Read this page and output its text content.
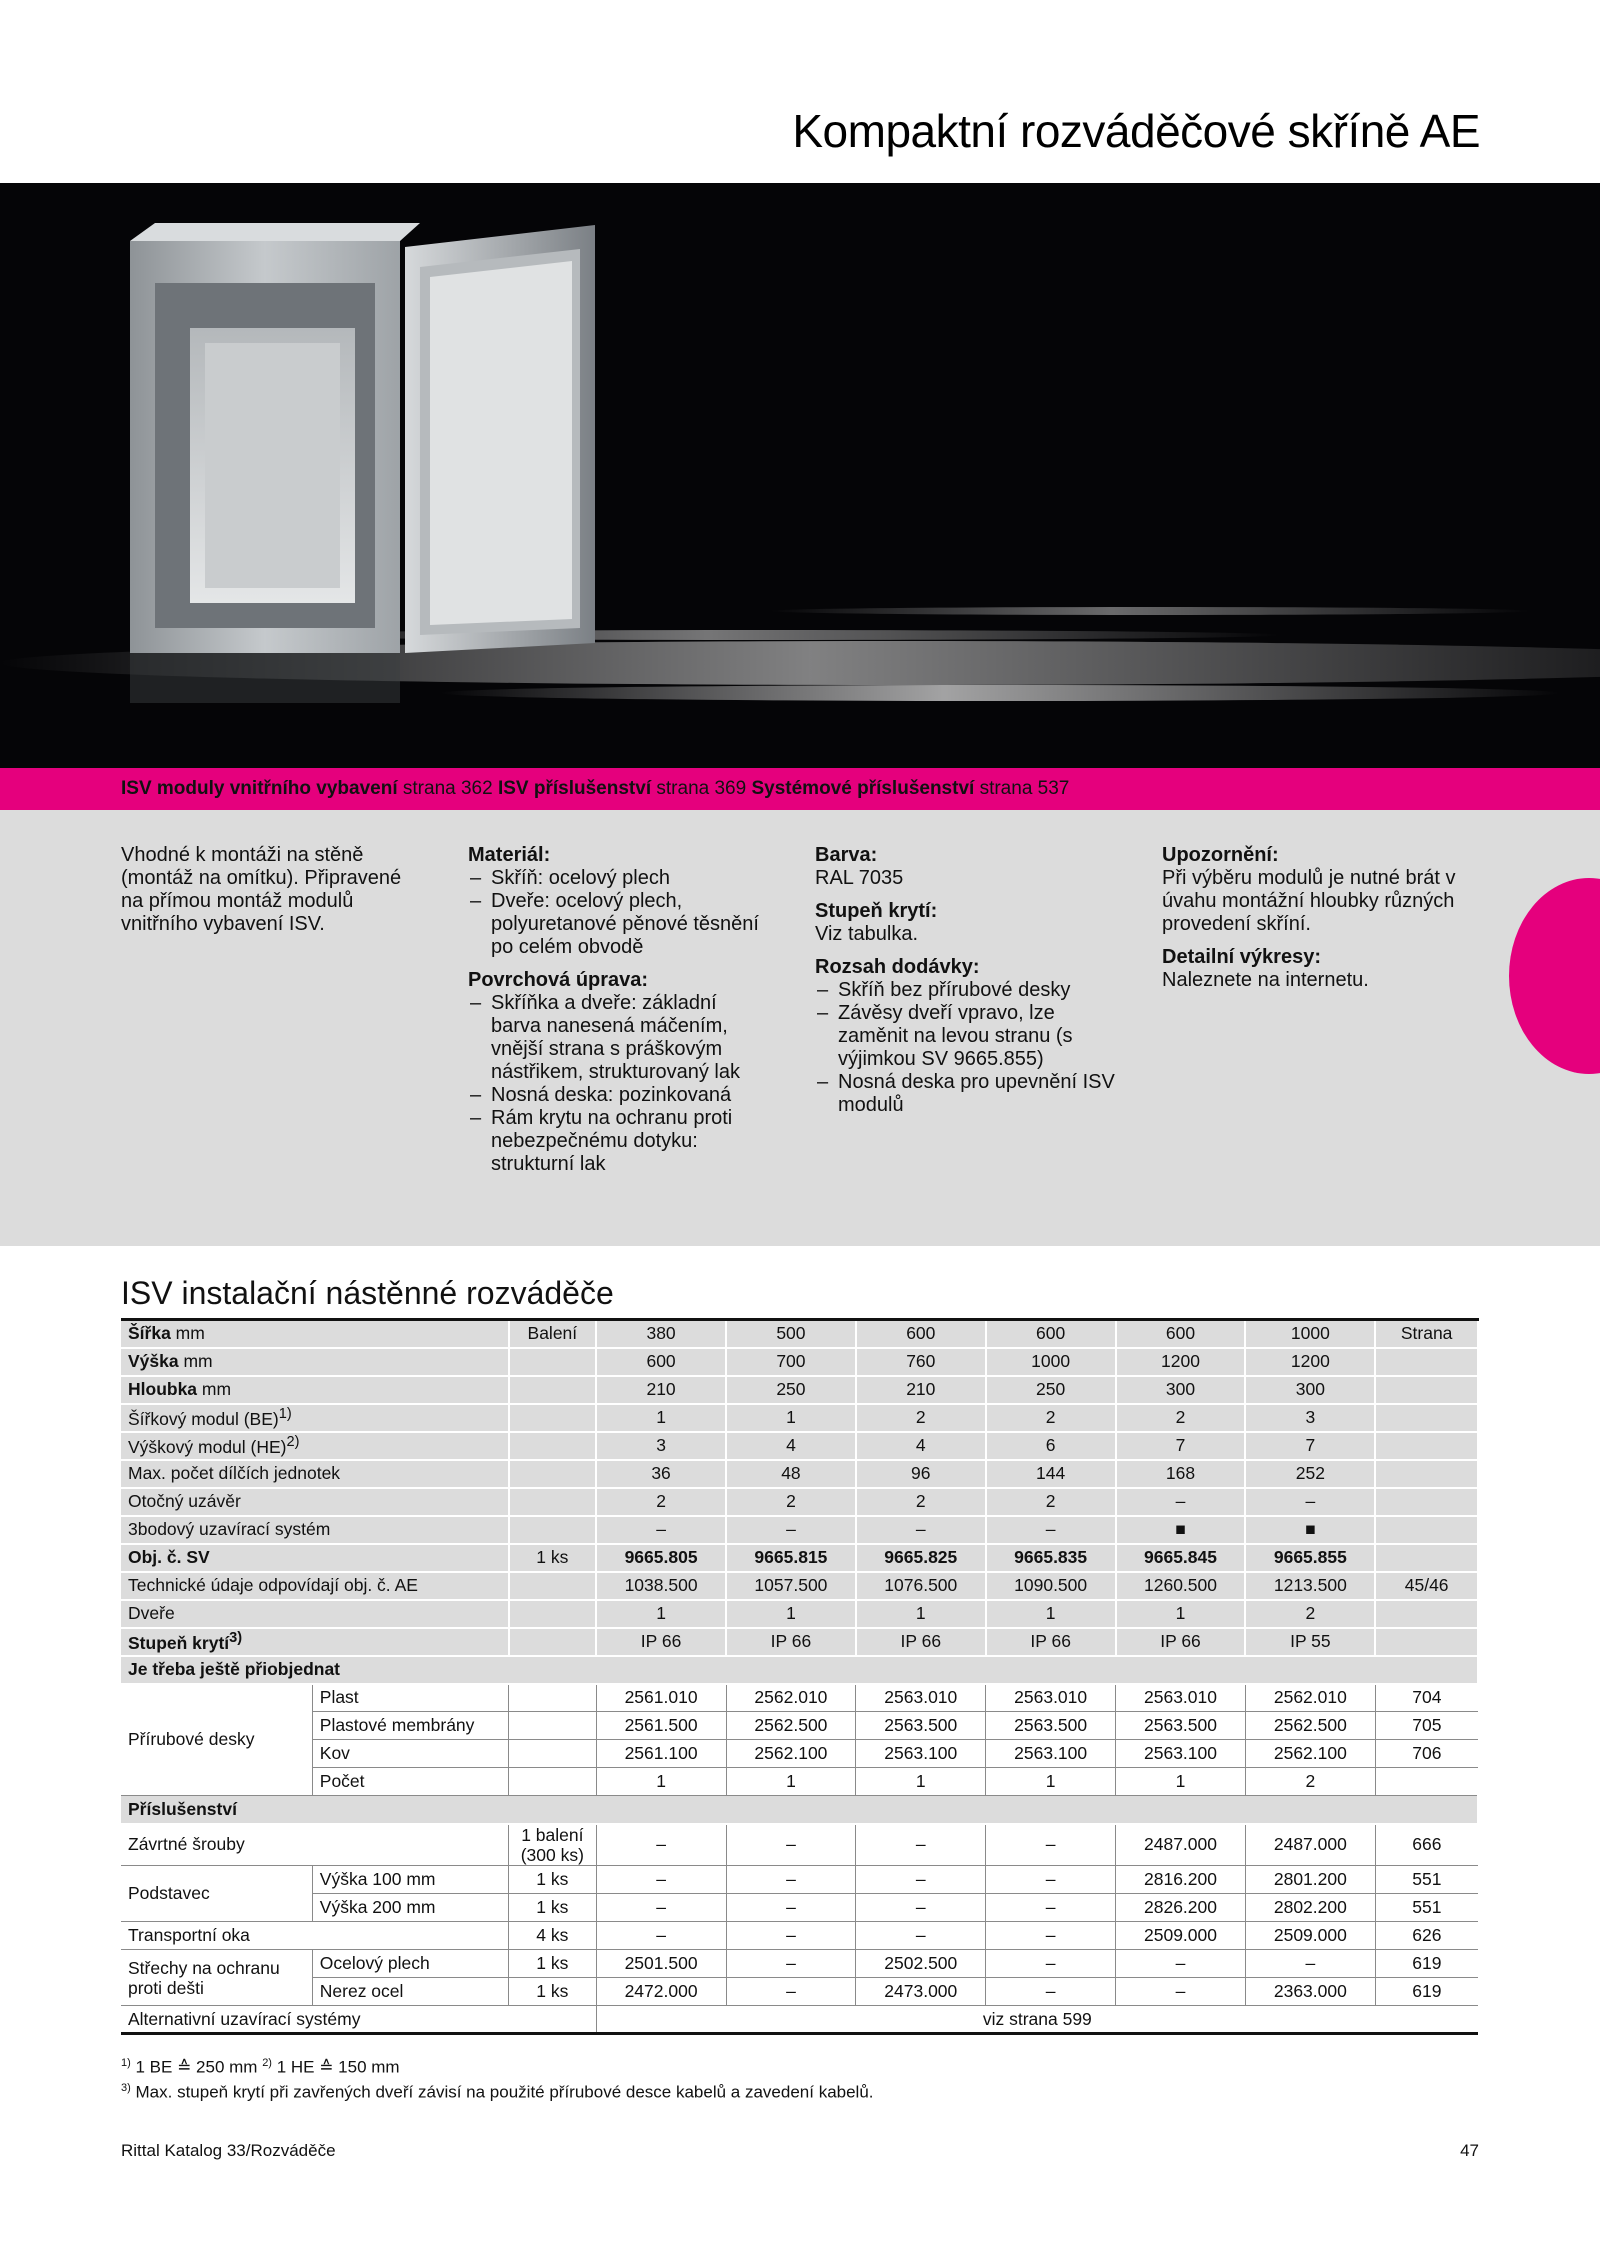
Kompaktní rozváděčové skříně AE
ISV moduly vnitřního vybavení strana 362 ISV příslušenství strana 369 Systémové příslušenství strana 537
Vhodné k montáži na stěně (montáž na omítku). Připravené na přímou montáž modulů vnitřního vybavení ISV.
Materiál:
– Skříň: ocelový plech
– Dveře: ocelový plech, polyuretanové pěnové těsnění po celém obvodě
Povrchová úprava:
– Skříňka a dveře: základní barva nanesená máčením, vnější strana s práškovým nástřikem, strukturovaný lak
– Nosná deska: pozinkovaná
– Rám krytu na ochranu proti nebezpečnému dotyku: strukturní lak
Barva:
RAL 7035
Stupeň krytí:
Viz tabulka.
Rozsah dodávky:
– Skříň bez přírubové desky
– Závěsy dveří vpravo, lze zaměnit na levou stranu (s výjimkou SV 9665.855)
– Nosná deska pro upevnění ISV modulů
Upozornění:
Při výběru modulů je nutné brát v úvahu montážní hloubky různých provedení skříní.
Detailní výkresy:
Naleznete na internetu.
ISV instalační nástěnné rozváděče
Šířka mm		Balení	380	500	600	600	600	1000	Strana
Výška mm			600	700	760	1000	1200	1200	
Hloubka mm			210	250	210	250	300	300	
Šířkový modul (BE)$^{1)}$			1	1	2	2	2	3	
Výškový modul (HE)$^{2)}$			3	4	4	6	7	7	
Max. počet dílčích jednotek			36	48	96	144	168	252	
Otočný uzávěr			2	2	2	2	–	–	
3bodový uzavírací systém			–	–	–	–	■	■	
Obj. č. SV		1 ks	9665.805	9665.815	9665.825	9665.835	9665.845	9665.855	
Technické údaje odpovídají obj. č. AE			1038.500	1057.500	1076.500	1090.500	1260.500	1213.500	45/46
Dveře			1	1	1	1	1	2	
Stupeň krytí$^{3)}$			IP 66	IP 66	IP 66	IP 66	IP 66	IP 55	
Je třeba ještě přiobjednat									
Přírubové desky	Plast		2561.010	2562.010	2563.010	2563.010	2563.010	2562.010	704
	Plastové membrány		2561.500	2562.500	2563.500	2563.500	2563.500	2562.500	705
	Kov		2561.100	2562.100	2563.100	2563.100	2563.100	2562.100	706
	Počet		1	1	1	1	1	2	
Příslušenství									
Závrtné šrouby		1 balení (300 ks)	–	–	–	–	2487.000	2487.000	666
Podstavec	Výška 100 mm	1 ks	–	–	–	–	2816.200	2801.200	551
	Výška 200 mm	1 ks	–	–	–	–	2826.200	2802.200	551
Transportní oka		4 ks	–	–	–	–	2509.000	2509.000	626
Střechy na ochranu proti dešti	Ocelový plech	1 ks	2501.500	–	2502.500	–	–	–	619
	Nerez ocel	1 ks	2472.000	–	2473.000	–	–	2363.000	619
Alternativní uzavírací systémy			viz strana 599						
$^{1)}$ 1 BE ≙ 250 mm $^{2)}$ 1 HE ≙ 150 mm
$^{3)}$ Max. stupeň krytí při zavřených dveří závisí na použité přírubové desce kabelů a zavedení kabelů.
Rittal Katalog 33/Rozváděče	47
